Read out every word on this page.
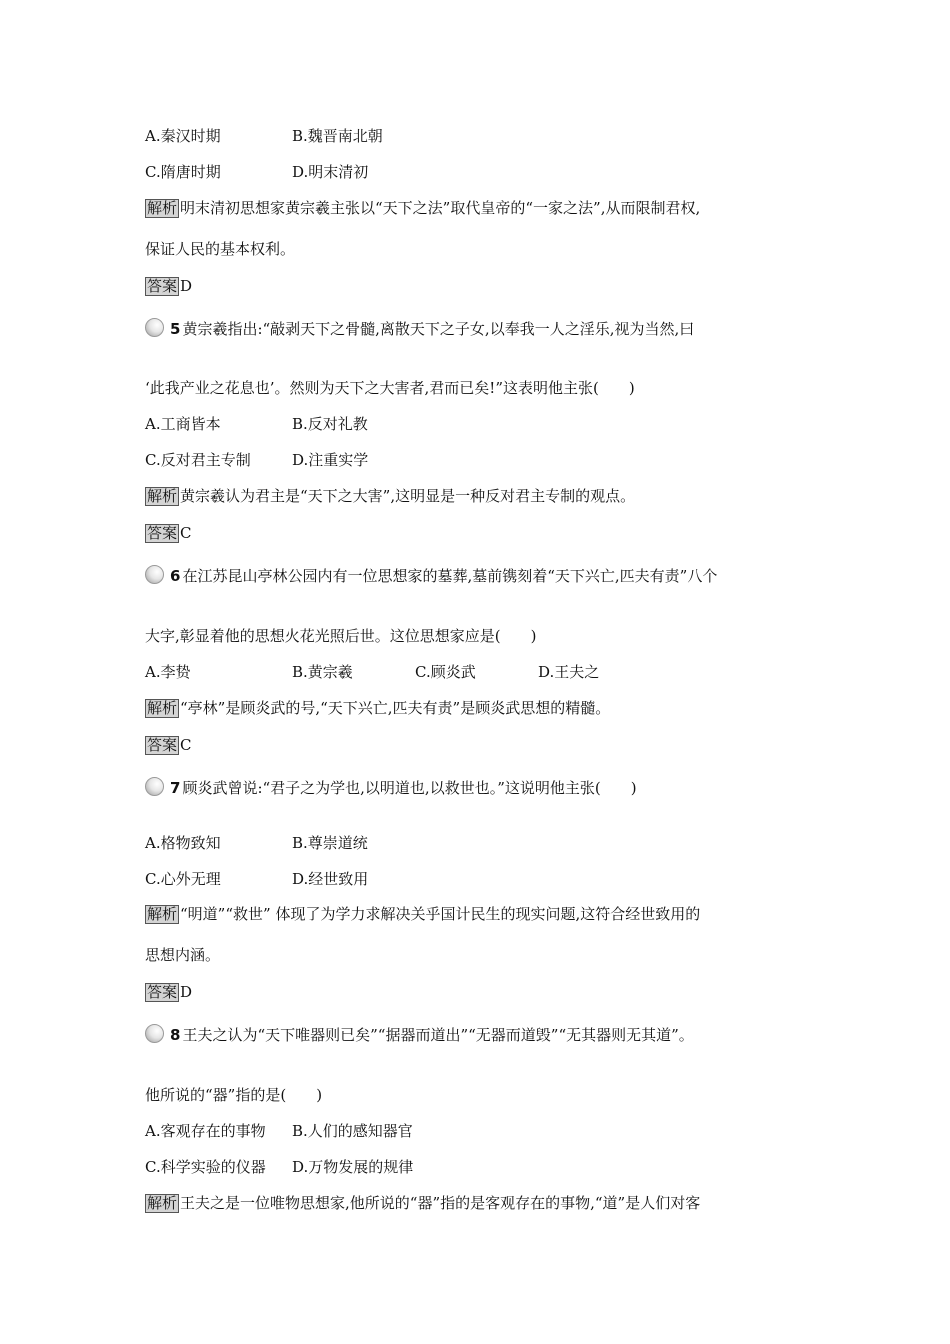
A.秦汉时期	B.魏晋南北朝
C.隋唐时期	D.明末清初
解析 明末清初思想家黄宗羲主张以“天下之法”取代皇帝的“一家之法”,从而限制君权,
保证人民的基本权利。
答案 D
5 黄宗羲指出:“敲剥天下之骨髓,离散天下之子女,以奉我一人之淫乐,视为当然,曰
‘此我产业之花息也’。然则为天下之大害者,君而已矣!”这表明他主张(　　)
A.工商皆本	B.反对礼教
C.反对君主专制	D.注重实学
解析 黄宗羲认为君主是“天下之大害”,这明显是一种反对君主专制的观点。
答案 C
6 在江苏昆山亭林公园内有一位思想家的墓葬,墓前镌刻着“天下兴亡,匹夫有责”八个
大字,彰显着他的思想火花光照后世。这位思想家应是(　　)
A.李贽	B.黄宗羲	C.顾炎武	D.王夫之
解析 “亭林”是顾炎武的号,“天下兴亡,匹夫有责”是顾炎武思想的精髓。
答案 C
7 顾炎武曾说:“君子之为学也,以明道也,以救世也。”这说明他主张(　　)
A.格物致知	B.尊崇道统
C.心外无理	D.经世致用
解析 “明道”“救世” 体现了为学力求解决关乎国计民生的现实问题,这符合经世致用的
思想内涵。
答案 D
8 王夫之认为“天下唯器则已矣”“据器而道出”“无器而道毁”“无其器则无其道”。
他所说的“器”指的是(　　)
A.客观存在的事物 B.人们的感知器官
C.科学实验的仪器 D.万物发展的规律
解析 王夫之是一位唯物思想家,他所说的“器”指的是客观存在的事物,“道”是人们对客
